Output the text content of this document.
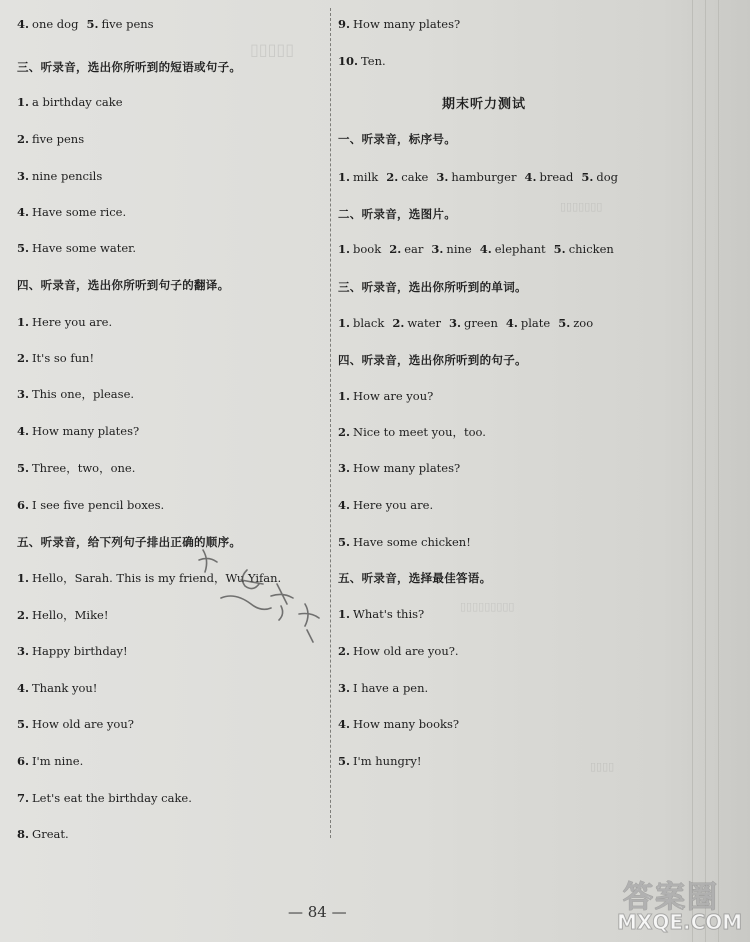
▯▯▯▯▯
▯▯▯▯▯▯▯
▯▯▯▯▯▯▯▯▯
▯▯▯▯
4. one dog 5. five pens
三、听录音，选出你所听到的短语或句子。
1. a birthday cake
2. five pens
3. nine pencils
4. Have some rice.
5. Have some water.
四、听录音，选出你所听到句子的翻译。
1. Here you are.
2. It's so fun!
3. This one，please.
4. How many plates?
5. Three，two，one.
6. I see five pencil boxes.
五、听录音，给下列句子排出正确的顺序。
1. Hello，Sarah. This is my friend，Wu Yifan.
2. Hello，Mike!
3. Happy birthday!
4. Thank you!
5. How old are you?
6. I'm nine.
7. Let's eat the birthday cake.
8. Great.
9. How many plates?
10. Ten.
一、听录音，标序号。
1. milk 2. cake 3. hamburger 4. bread 5. dog
二、听录音，选图片。
1. book 2. ear 3. nine 4. elephant 5. chicken
三、听录音，选出你所听到的单词。
1. black 2. water 3. green 4. plate 5. zoo
四、听录音，选出你所听到的句子。
1. How are you?
2. Nice to meet you，too.
3. How many plates?
4. Here you are.
5. Have some chicken!
五、听录音，选择最佳答语。
1. What's this?
2. How old are you?.
3. I have a pen.
4. How many books?
5. I'm hungry!
期末听力测试
— 84 —	答案圈
MXQE.COM
